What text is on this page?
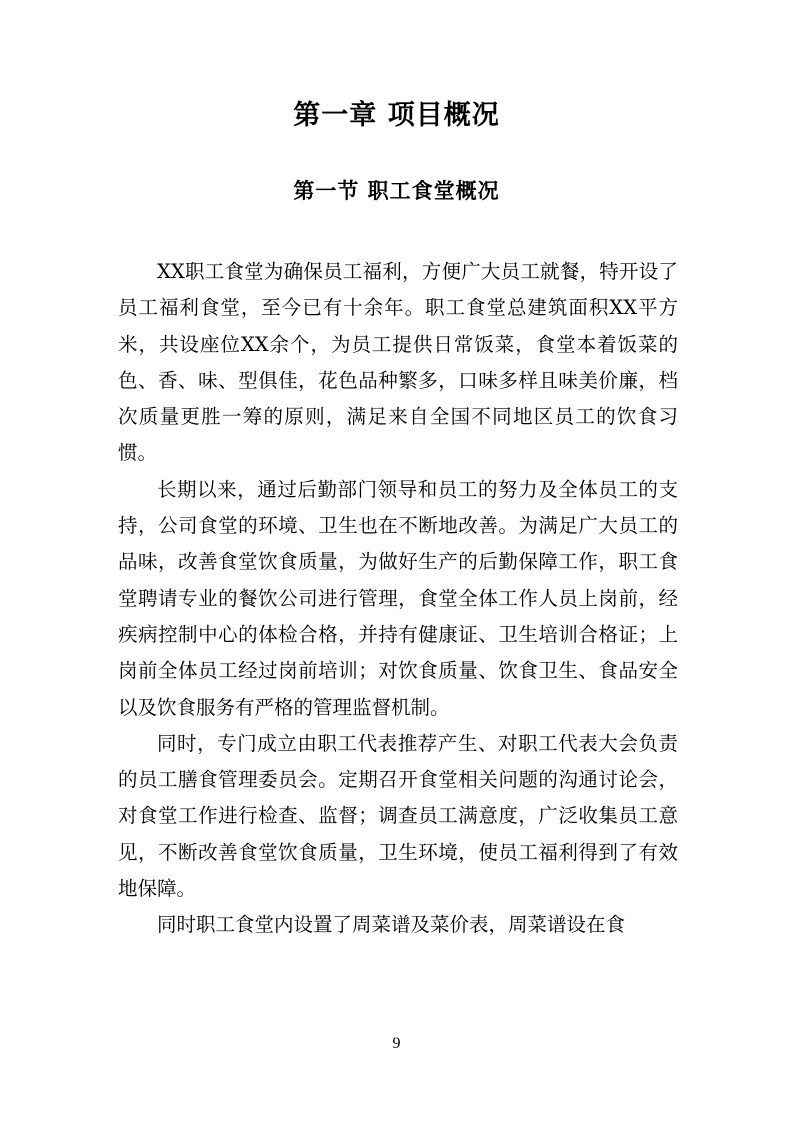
第一章 项目概况
第一节 职工食堂概况

XX职工食堂为确保员工福利，方便广大员工就餐，特开设了员工福利食堂，至今已有十余年。职工食堂总建筑面积XX平方米，共设座位XX余个，为员工提供日常饭菜，食堂本着饭菜的色、香、味、型俱佳，花色品种繁多，口味多样且味美价廉，档次质量更胜一筹的原则，满足来自全国不同地区员工的饮食习惯。

长期以来，通过后勤部门领导和员工的努力及全体员工的支持，公司食堂的环境、卫生也在不断地改善。为满足广大员工的品味，改善食堂饮食质量，为做好生产的后勤保障工作，职工食堂聘请专业的餐饮公司进行管理，食堂全体工作人员上岗前，经疾病控制中心的体检合格，并持有健康证、卫生培训合格证；上岗前全体员工经过岗前培训；对饮食质量、饮食卫生、食品安全以及饮食服务有严格的管理监督机制。

同时，专门成立由职工代表推荐产生、对职工代表大会负责的员工膳食管理委员会。定期召开食堂相关问题的沟通讨论会，对食堂工作进行检查、监督；调查员工满意度，广泛收集员工意见，不断改善食堂饮食质量，卫生环境，使员工福利得到了有效地保障。

同时职工食堂内设置了周菜谱及菜价表，周菜谱设在食

9
